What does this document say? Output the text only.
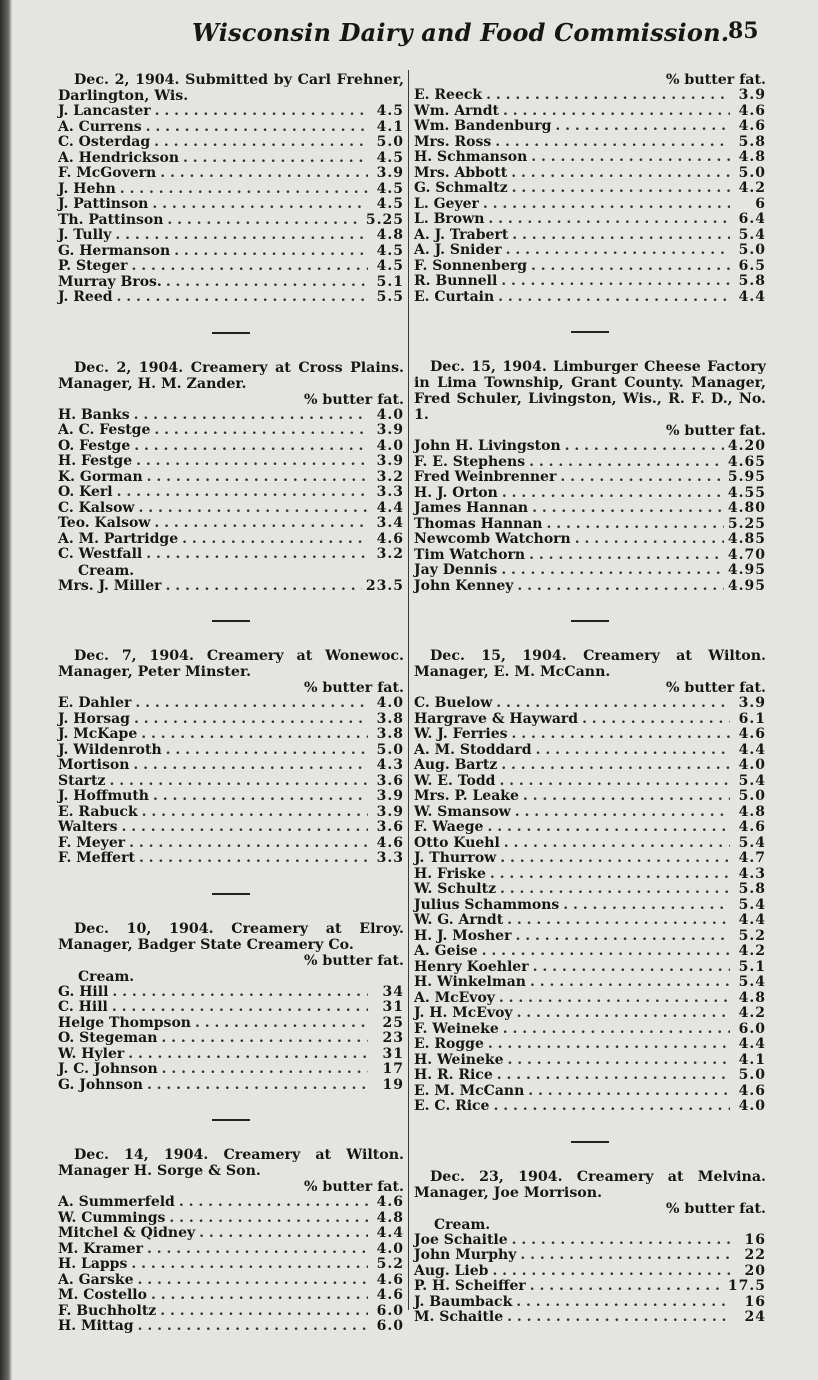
Wisconsin Dairy and Food Commission.
85
Dec. 2, 1904. Submitted by Carl Frehner, Darlington, Wis.
J. Lancaster . . .	4.5
A. Currens . . .	4.1
C. Osterdag . . .	5.0
A. Hendrickson . . .	4.5
F. McGovern . . .	3.9
J. Hehn . . .	4.5
J. Pattinson . . .	4.5
Th. Pattinson . . .	5.25
J. Tully . . .	4.8
G. Hermanson . . .	4.5
P. Steger . . .	4.5
Murray Bros. . . .	5.1
J. Reed . . .	5.5
Dec. 2, 1904. Creamery at Cross Plains. Manager, H. M. Zander.
% butter fat.
H. Banks . . .	4.0
A. C. Festge . . .	3.9
O. Festge . . .	4.0
H. Festge . . .	3.9
K. Gorman . . .	3.2
O. Kerl . . .	3.3
C. Kalsow . . .	4.4
Teo. Kalsow . . .	3.4
A. M. Partridge . . .	4.6
C. Westfall . . .	3.2
Cream.
Mrs. J. Miller . . .	23.5
Dec. 7, 1904. Creamery at Wonewoc. Manager, Peter Minster.
% butter fat.
E. Dahler . . .	4.0
J. Horsag . . .	3.8
J. McKape . . .	3.8
J. Wildenroth . . .	5.0
Mortison . . .	4.3
Startz . . .	3.6
J. Hoffmuth . . .	3.9
E. Rabuck . . .	3.9
Walters . . .	3.6
F. Meyer . . .	4.6
F. Meffert . . .	3.3
Dec. 10, 1904. Creamery at Elroy. Manager, Badger State Creamery Co.
% butter fat.
Cream.
G. Hill . . .	34
C. Hill . . .	31
Helge Thompson . . .	25
O. Stegeman . . .	23
W. Hyler . . .	31
J. C. Johnson . . .	17
G. Johnson . . .	19
Dec. 14, 1904. Creamery at Wilton. Manager H. Sorge & Son.
% butter fat.
A. Summerfeld . . .	4.6
W. Cummings . . .	4.8
Mitchel & Qidney . . .	4.4
M. Kramer . . .	4.0
H. Lapps . . .	5.2
A. Garske . . .	4.6
M. Costello . . .	4.6
F. Buchholtz . . .	6.0
H. Mittag . . .	6.0
% butter fat.
E. Reeck . . .	3.9
Wm. Arndt . . .	4.6
Wm. Bandenburg . . .	4.6
Mrs. Ross . . .	5.8
H. Schmanson . . .	4.8
Mrs. Abbott . . .	5.0
G. Schmaltz . . .	4.2
L. Geyer . . .	6
L. Brown . . .	6.4
A. J. Trabert . . .	5.4
A. J. Snider . . .	5.0
F. Sonnenberg . . .	6.5
R. Bunnell . . .	5.8
E. Curtain . . .	4.4
Dec. 15, 1904. Limburger Cheese Factory in Lima Township, Grant County. Manager, Fred Schuler, Livingston, Wis., R. F. D., No. 1.
% butter fat.
John H. Livingston . . .	4.20
F. E. Stephens . . .	4.65
Fred Weinbrenner . . .	5.95
H. J. Orton . . .	4.55
James Hannan . . .	4.80
Thomas Hannan . . .	5.25
Newcomb Watchorn . . .	4.85
Tim Watchorn . . .	4.70
Jay Dennis . . .	4.95
John Kenney . . .	4.95
Dec. 15, 1904. Creamery at Wilton. Manager, E. M. McCann.
% butter fat.
C. Buelow . . .	3.9
Hargrave & Hayward . . .	6.1
W. J. Ferries . . .	4.6
A. M. Stoddard . . .	4.4
Aug. Bartz . . .	4.0
W. E. Todd . . .	5.4
Mrs. P. Leake . . .	5.0
W. Smansow . . .	4.8
F. Waege . . .	4.6
Otto Kuehl . . .	5.4
J. Thurrow . . .	4.7
H. Friske . . .	4.3
W. Schultz . . .	5.8
Julius Schammons . . .	5.4
W. G. Arndt . . .	4.4
H. J. Mosher . . .	5.2
A. Geise . . .	4.2
Henry Koehler . . .	5.1
H. Winkelman . . .	5.4
A. McEvoy . . .	4.8
J. H. McEvoy . . .	4.2
F. Weineke . . .	6.0
E. Rogge . . .	4.4
H. Weineke . . .	4.1
H. R. Rice . . .	5.0
E. M. McCann . . .	4.6
E. C. Rice . . .	4.0
Dec. 23, 1904. Creamery at Melvina. Manager, Joe Morrison.
% butter fat.
Cream.
Joe Schaitle . . .	16
John Murphy . . .	22
Aug. Lieb . . .	20
P. H. Scheiffer . . .	17.5
J. Baumback . . .	16
M. Schaitle . . .	24
